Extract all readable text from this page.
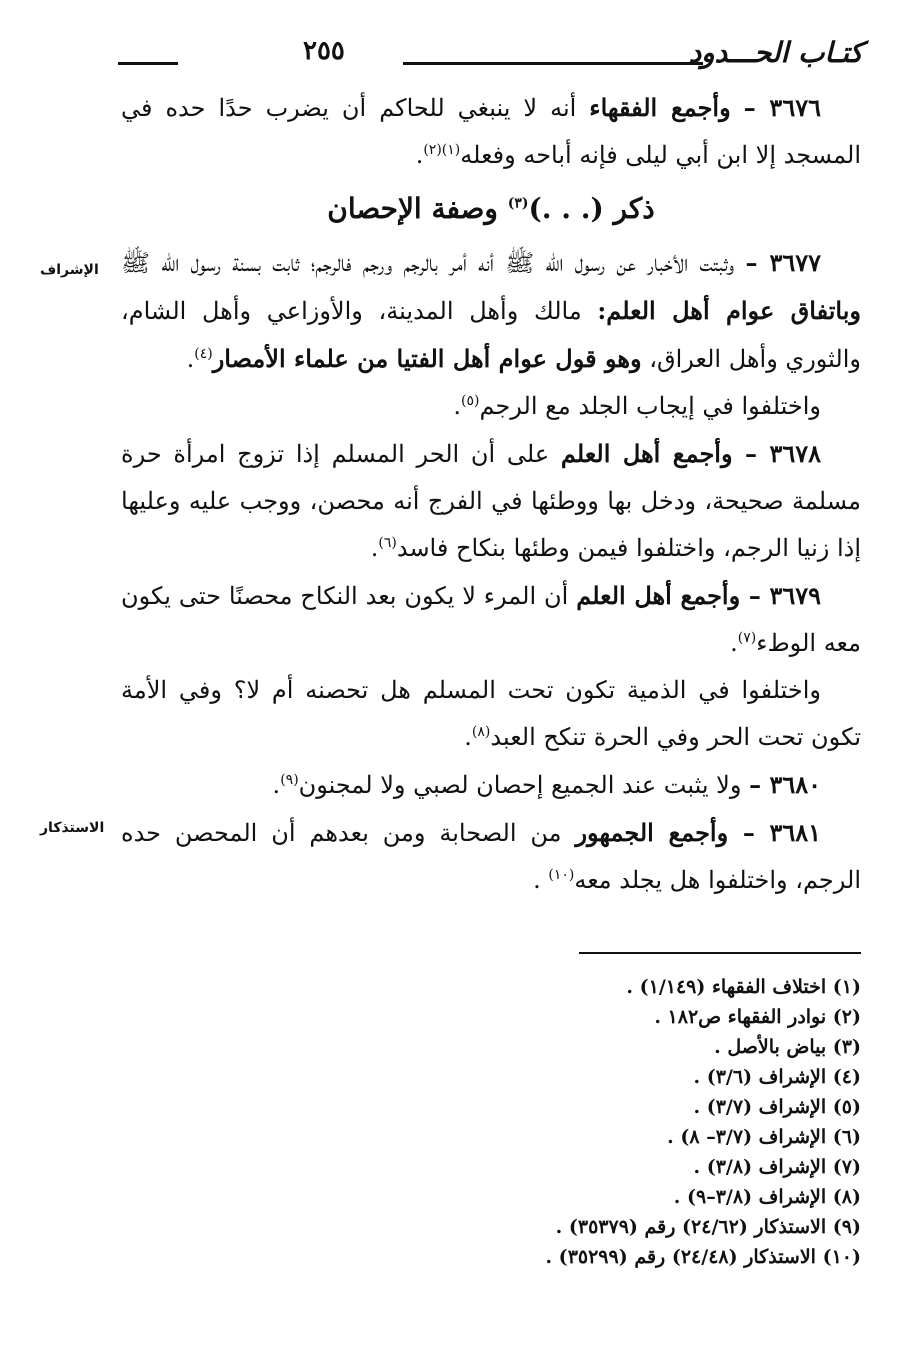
كتـاب الحـــدود
٢٥٥
الإشراف
الاستذكار

٣٦٧٦ – وأجمع الفقهاء أنه لا ينبغي للحاكم أن يضرب حدًا حده في المسجد إلا ابن أبي ليلى فإنه أباحه وفعله$^{(١)(٢)}$.

ذكر (. . .)$^{(٣)}$ وصفة الإحصان

٣٦٧٧ – وثبتت الأخبار عن رسول الله ﷺ أنه أمر بالرجم ورجم فالرجم؛ ثابت بسنة رسول الله ﷺ وباتفاق عوام أهل العلم: مالك وأهل المدينة، والأوزاعي وأهل الشام، والثوري وأهل العراق، وهو قول عوام أهل الفتيا من علماء الأمصار$^{(٤)}$.

واختلفوا في إيجاب الجلد مع الرجم$^{(٥)}$.

٣٦٧٨ – وأجمع أهل العلم على أن الحر المسلم إذا تزوج امرأة حرة مسلمة صحيحة، ودخل بها ووطئها في الفرج أنه محصن، ووجب عليه وعليها إذا زنيا الرجم، واختلفوا فيمن وطئها بنكاح فاسد$^{(٦)}$.

٣٦٧٩ – وأجمع أهل العلم أن المرء لا يكون بعد النكاح محصنًا حتى يكون معه الوطء$^{(٧)}$.

واختلفوا في الذمية تكون تحت المسلم هل تحصنه أم لا؟ وفي الأمة تكون تحت الحر وفي الحرة تنكح العبد$^{(٨)}$.

٣٦٨٠ – ولا يثبت عند الجميع إحصان لصبي ولا لمجنون$^{(٩)}$.

٣٦٨١ – وأجمع الجمهور من الصحابة ومن بعدهم أن المحصن حده الرجم، واختلفوا هل يجلد معه$^{(١٠)}$ .

(١) اختلاف الفقهاء (١/١٤٩) .
(٢) نوادر الفقهاء ص١٨٢ .
(٣) بياض بالأصل .
(٤) الإشراف (٣/٦) .
(٥) الإشراف (٣/٧) .
(٦) الإشراف (٣/٧– ٨) .
(٧) الإشراف (٣/٨) .
(٨) الإشراف (٣/٨–٩) .
(٩) الاستذكار (٢٤/٦٢) رقم (٣٥٣٧٩) .
(١٠) الاستذكار (٢٤/٤٨) رقم (٣٥٢٩٩) .
